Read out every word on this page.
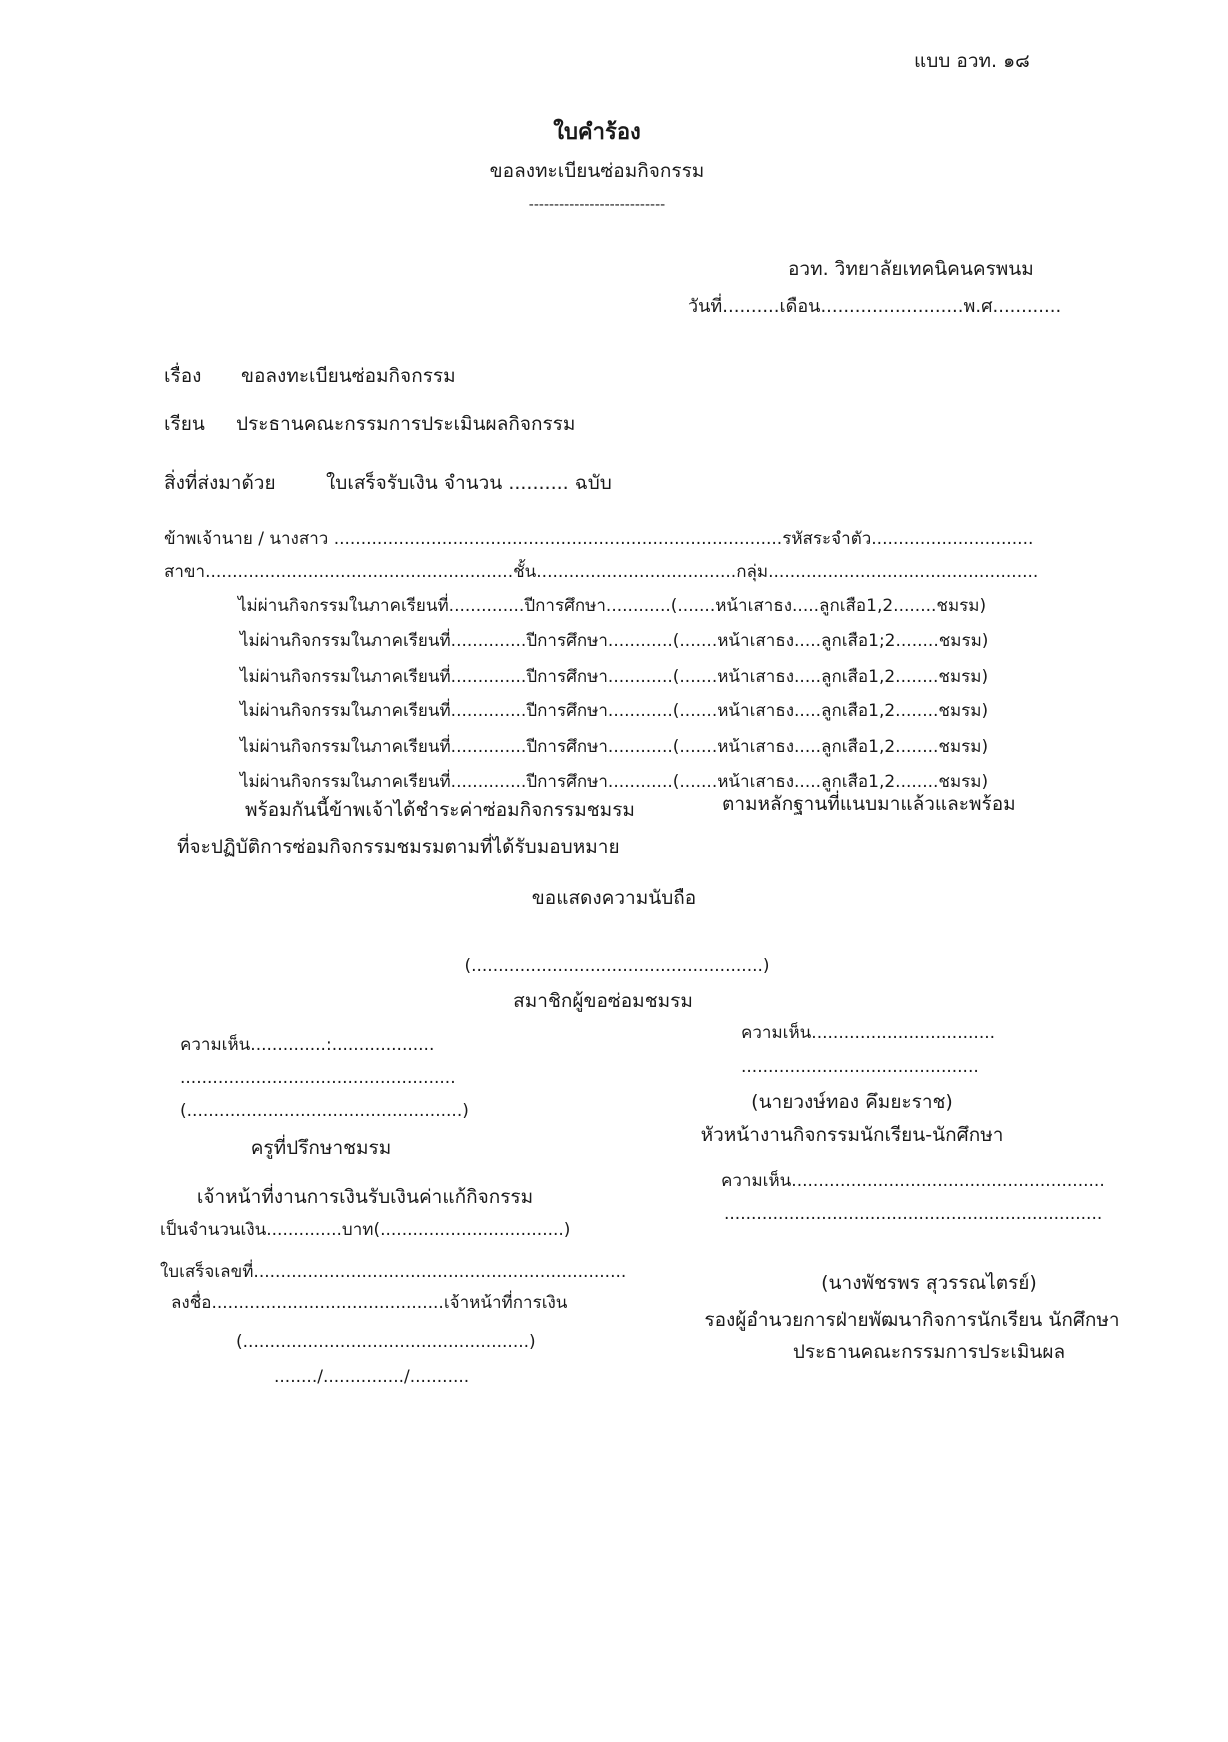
แบบ อวท. ๑๘
ใบคำร้อง
ขอลงทะเบียนซ่อมกิจกรรม
---------------------------
อวท. วิทยาลัยเทคนิคนครพนม
วันที่..........เดือน.........................พ.ศ............
เรื่อง ขอลงทะเบียนซ่อมกิจกรรม
เรียน ประธานคณะกรรมการประเมินผลกิจกรรม
สิ่งที่ส่งมาด้วย	ใบเสร็จรับเงิน จำนวน .......... ฉบับ
ข้าพเจ้านาย / นางสาว ...................................................................................รหัสระจำตัว..............................
สาขา.........................................................ชั้น.....................................กลุ่ม..................................................
ไม่ผ่านกิจกรรมในภาคเรียนที่..............ปีการศึกษา............(.......หน้าเสาธง.....ลูกเสือ1,2........ชมรม)
ไม่ผ่านกิจกรรมในภาคเรียนที่..............ปีการศึกษา............(.......หน้าเสาธง.....ลูกเสือ1;2........ชมรม)
ไม่ผ่านกิจกรรมในภาคเรียนที่..............ปีการศึกษา............(.......หน้าเสาธง.....ลูกเสือ1,2........ชมรม)
ไม่ผ่านกิจกรรมในภาคเรียนที่..............ปีการศึกษา............(.......หน้าเสาธง.....ลูกเสือ1,2........ชมรม)
ไม่ผ่านกิจกรรมในภาคเรียนที่..............ปีการศึกษา............(.......หน้าเสาธง.....ลูกเสือ1,2........ชมรม)
ไม่ผ่านกิจกรรมในภาคเรียนที่..............ปีการศึกษา............(.......หน้าเสาธง.....ลูกเสือ1,2........ชมรม)
พร้อมกันนี้ข้าพเจ้าได้ชำระค่าซ่อมกิจกรรมชมรม	ตามหลักฐานที่แนบมาแล้วและพร้อม
ที่จะปฏิบัติการซ่อมกิจกรรมชมรมตามที่ได้รับมอบหมาย
ขอแสดงความนับถือ
(......................................................)
สมาชิกผู้ขอซ่อมชมรม
ความเห็น..............:...................
...................................................
(...................................................)
ครูที่ปรึกษาชมรม
เจ้าหน้าที่งานการเงินรับเงินค่าแก้กิจกรรม
เป็นจำนวนเงิน..............บาท(..................................)
ใบเสร็จเลขที่.....................................................................
ลงชื่อ...........................................เจ้าหน้าที่การเงิน
(.....................................................)
......../.............../...........
ความเห็น..................................
............................................
(นายวงษ์ทอง คึมยะราช)
หัวหน้างานกิจกรรมนักเรียน-นักศึกษา
ความเห็น..........................................................
......................................................................
(นางพัชรพร สุวรรณไตรย์)
รองผู้อำนวยการฝ่ายพัฒนากิจการนักเรียน นักศึกษา
ประธานคณะกรรมการประเมินผล
